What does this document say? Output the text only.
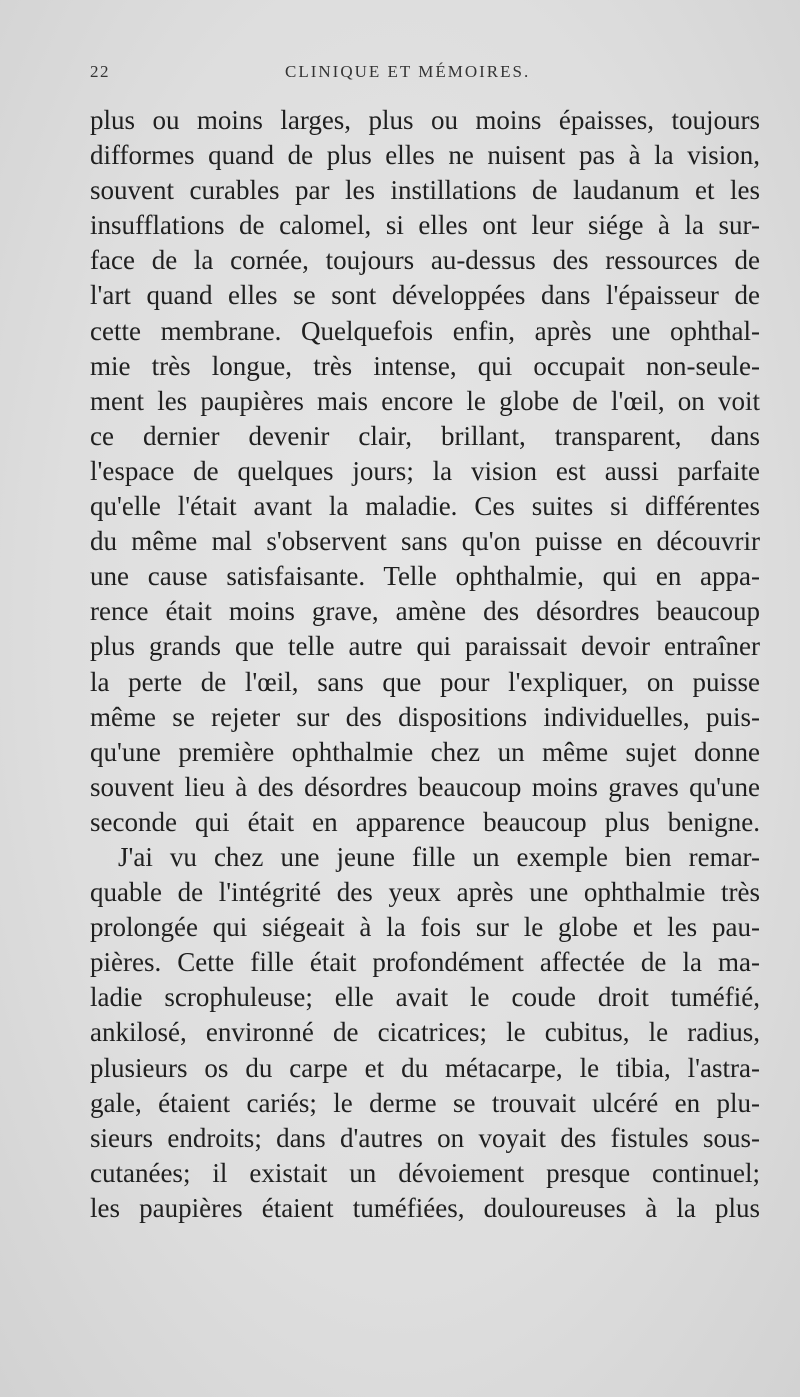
22	CLINIQUE ET MÉMOIRES.
plus ou moins larges, plus ou moins épaisses, toujours
difformes quand de plus elles ne nuisent pas à la vision,
souvent curables par les instillations de laudanum et les
insufflations de calomel, si elles ont leur siége à la sur-
face de la cornée, toujours au-dessus des ressources de
l'art quand elles se sont développées dans l'épaisseur de
cette membrane. Quelquefois enfin, après une ophthal-
mie très longue, très intense, qui occupait non-seule-
ment les paupières mais encore le globe de l'œil, on voit
ce dernier devenir clair, brillant, transparent, dans
l'espace de quelques jours; la vision est aussi parfaite
qu'elle l'était avant la maladie. Ces suites si différentes
du même mal s'observent sans qu'on puisse en découvrir
une cause satisfaisante. Telle ophthalmie, qui en appa-
rence était moins grave, amène des désordres beaucoup
plus grands que telle autre qui paraissait devoir entraîner
la perte de l'œil, sans que pour l'expliquer, on puisse
même se rejeter sur des dispositions individuelles, puis-
qu'une première ophthalmie chez un même sujet donne
souvent lieu à des désordres beaucoup moins graves qu'une
seconde qui était en apparence beaucoup plus benigne.
J'ai vu chez une jeune fille un exemple bien remar-
quable de l'intégrité des yeux après une ophthalmie très
prolongée qui siégeait à la fois sur le globe et les pau-
pières. Cette fille était profondément affectée de la ma-
ladie scrophuleuse; elle avait le coude droit tuméfié,
ankilosé, environné de cicatrices; le cubitus, le radius,
plusieurs os du carpe et du métacarpe, le tibia, l'astra-
gale, étaient cariés; le derme se trouvait ulcéré en plu-
sieurs endroits; dans d'autres on voyait des fistules sous-
cutanées; il existait un dévoiement presque continuel;
les paupières étaient tuméfiées, douloureuses à la plus
